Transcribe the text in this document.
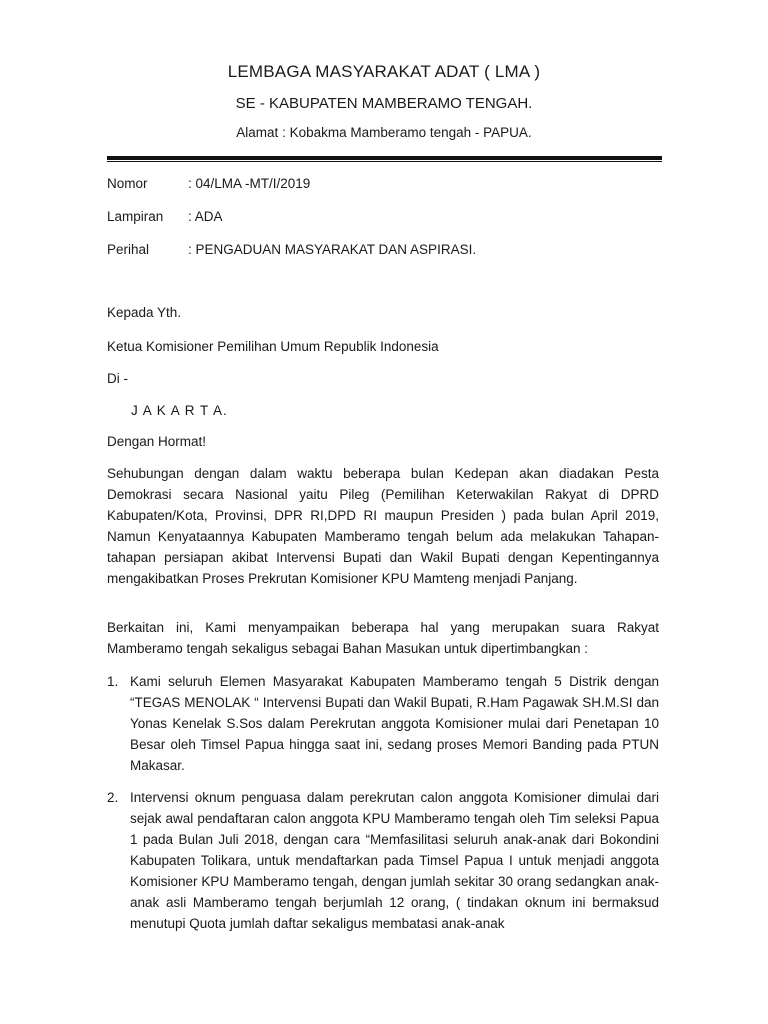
LEMBAGA MASYARAKAT ADAT ( LMA )
SE - KABUPATEN MAMBERAMO TENGAH.
Alamat : Kobakma Mamberamo tengah - PAPUA.
Nomor	: 04/LMA -MT/I/2019
Lampiran	: ADA
Perihal	: PENGADUAN MASYARAKAT DAN ASPIRASI.
Kepada Yth.
Ketua Komisioner Pemilihan Umum Republik Indonesia
Di -
J A K A R T A.
Dengan Hormat!
Sehubungan dengan dalam waktu beberapa bulan Kedepan akan diadakan Pesta Demokrasi secara Nasional yaitu Pileg (Pemilihan Keterwakilan Rakyat di DPRD Kabupaten/Kota, Provinsi, DPR RI,DPD RI maupun Presiden ) pada bulan April 2019, Namun Kenyataannya Kabupaten Mamberamo tengah belum ada melakukan Tahapan-tahapan persiapan akibat Intervensi Bupati dan Wakil Bupati dengan Kepentingannya mengakibatkan Proses Prekrutan Komisioner KPU Mamteng menjadi Panjang.
Berkaitan ini, Kami menyampaikan beberapa hal yang merupakan suara Rakyat Mamberamo tengah sekaligus sebagai Bahan Masukan untuk dipertimbangkan :
1. Kami seluruh Elemen Masyarakat Kabupaten Mamberamo tengah 5 Distrik dengan “TEGAS MENOLAK “ Intervensi Bupati dan Wakil Bupati, R.Ham Pagawak SH.M.SI dan Yonas Kenelak S.Sos dalam Perekrutan anggota Komisioner mulai dari Penetapan 10 Besar oleh Timsel Papua hingga saat ini, sedang proses Memori Banding pada PTUN Makasar.
2. Intervensi oknum penguasa dalam perekrutan calon anggota Komisioner dimulai dari sejak awal pendaftaran calon anggota KPU Mamberamo tengah oleh Tim seleksi Papua 1 pada Bulan Juli 2018, dengan cara “Memfasilitasi seluruh anak-anak dari Bokondini Kabupaten Tolikara, untuk mendaftarkan pada Timsel Papua I untuk menjadi anggota Komisioner KPU Mamberamo tengah, dengan jumlah sekitar 30 orang sedangkan anak-anak asli Mamberamo tengah berjumlah 12 orang, ( tindakan oknum ini bermaksud menutupi Quota jumlah daftar sekaligus membatasi anak-anak
